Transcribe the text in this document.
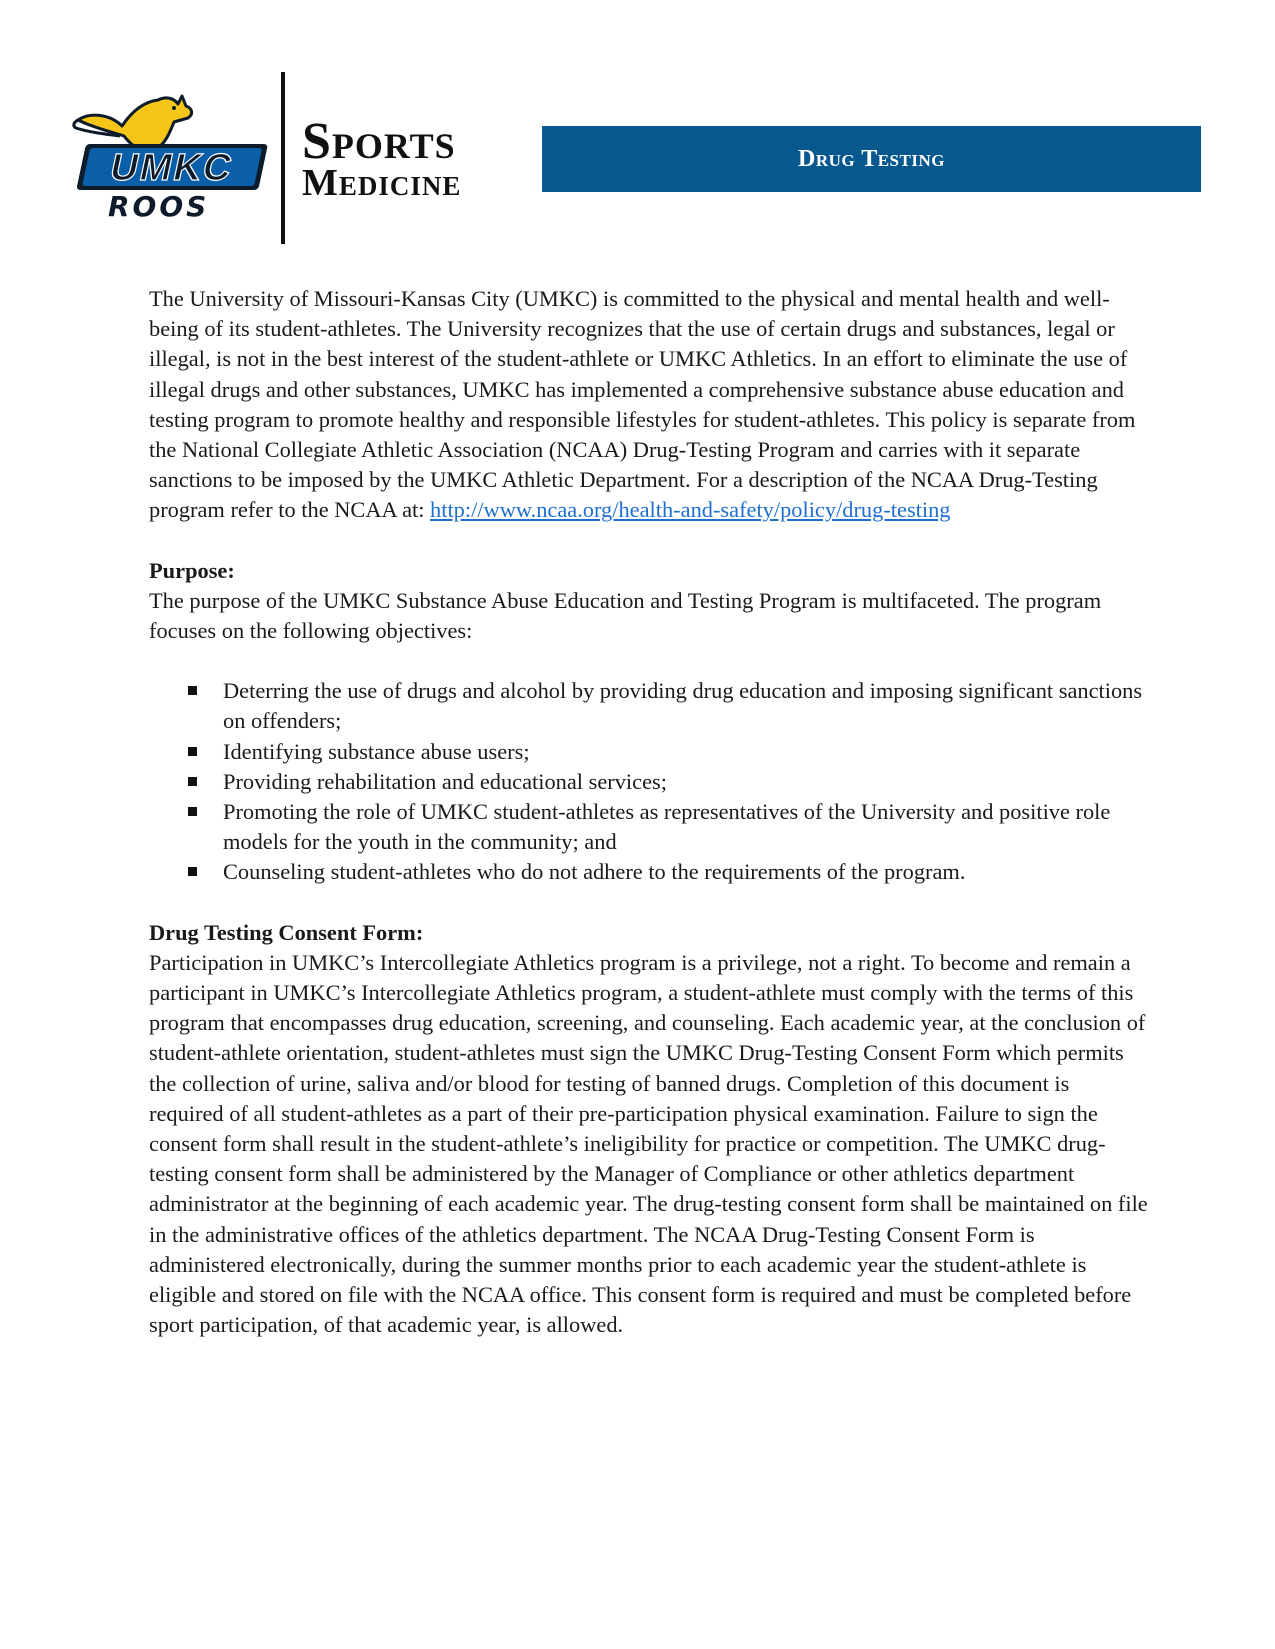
UMKC
ROOS
Sports
Medicine
Drug Testing

The University of Missouri-Kansas City (UMKC) is committed to the physical and mental health and well-being of its student-athletes. The University recognizes that the use of certain drugs and substances, legal or illegal, is not in the best interest of the student-athlete or UMKC Athletics. In an effort to eliminate the use of illegal drugs and other substances, UMKC has implemented a comprehensive substance abuse education and testing program to promote healthy and responsible lifestyles for student-athletes. This policy is separate from the National Collegiate Athletic Association (NCAA) Drug-Testing Program and carries with it separate sanctions to be imposed by the UMKC Athletic Department. For a description of the NCAA Drug-Testing program refer to the NCAA at: http://www.ncaa.org/health-and-safety/policy/drug-testing

Purpose:

The purpose of the UMKC Substance Abuse Education and Testing Program is multifaceted. The program focuses on the following objectives:

Deterring the use of drugs and alcohol by providing drug education and imposing significant sanctions on offenders;
Identifying substance abuse users;
Providing rehabilitation and educational services;
Promoting the role of UMKC student-athletes as representatives of the University and positive role models for the youth in the community; and
Counseling student-athletes who do not adhere to the requirements of the program.
Drug Testing Consent Form:

Participation in UMKC’s Intercollegiate Athletics program is a privilege, not a right. To become and remain a participant in UMKC’s Intercollegiate Athletics program, a student-athlete must comply with the terms of this program that encompasses drug education, screening, and counseling. Each academic year, at the conclusion of student-athlete orientation, student-athletes must sign the UMKC Drug-Testing Consent Form which permits the collection of urine, saliva and/or blood for testing of banned drugs. Completion of this document is required of all student-athletes as a part of their pre-participation physical examination. Failure to sign the consent form shall result in the student-athlete’s ineligibility for practice or competition. The UMKC drug-testing consent form shall be administered by the Manager of Compliance or other athletics department administrator at the beginning of each academic year. The drug-testing consent form shall be maintained on file in the administrative offices of the athletics department. The NCAA Drug-Testing Consent Form is administered electronically, during the summer months prior to each academic year the student-athlete is eligible and stored on file with the NCAA office. This consent form is required and must be completed before sport participation, of that academic year, is allowed.
